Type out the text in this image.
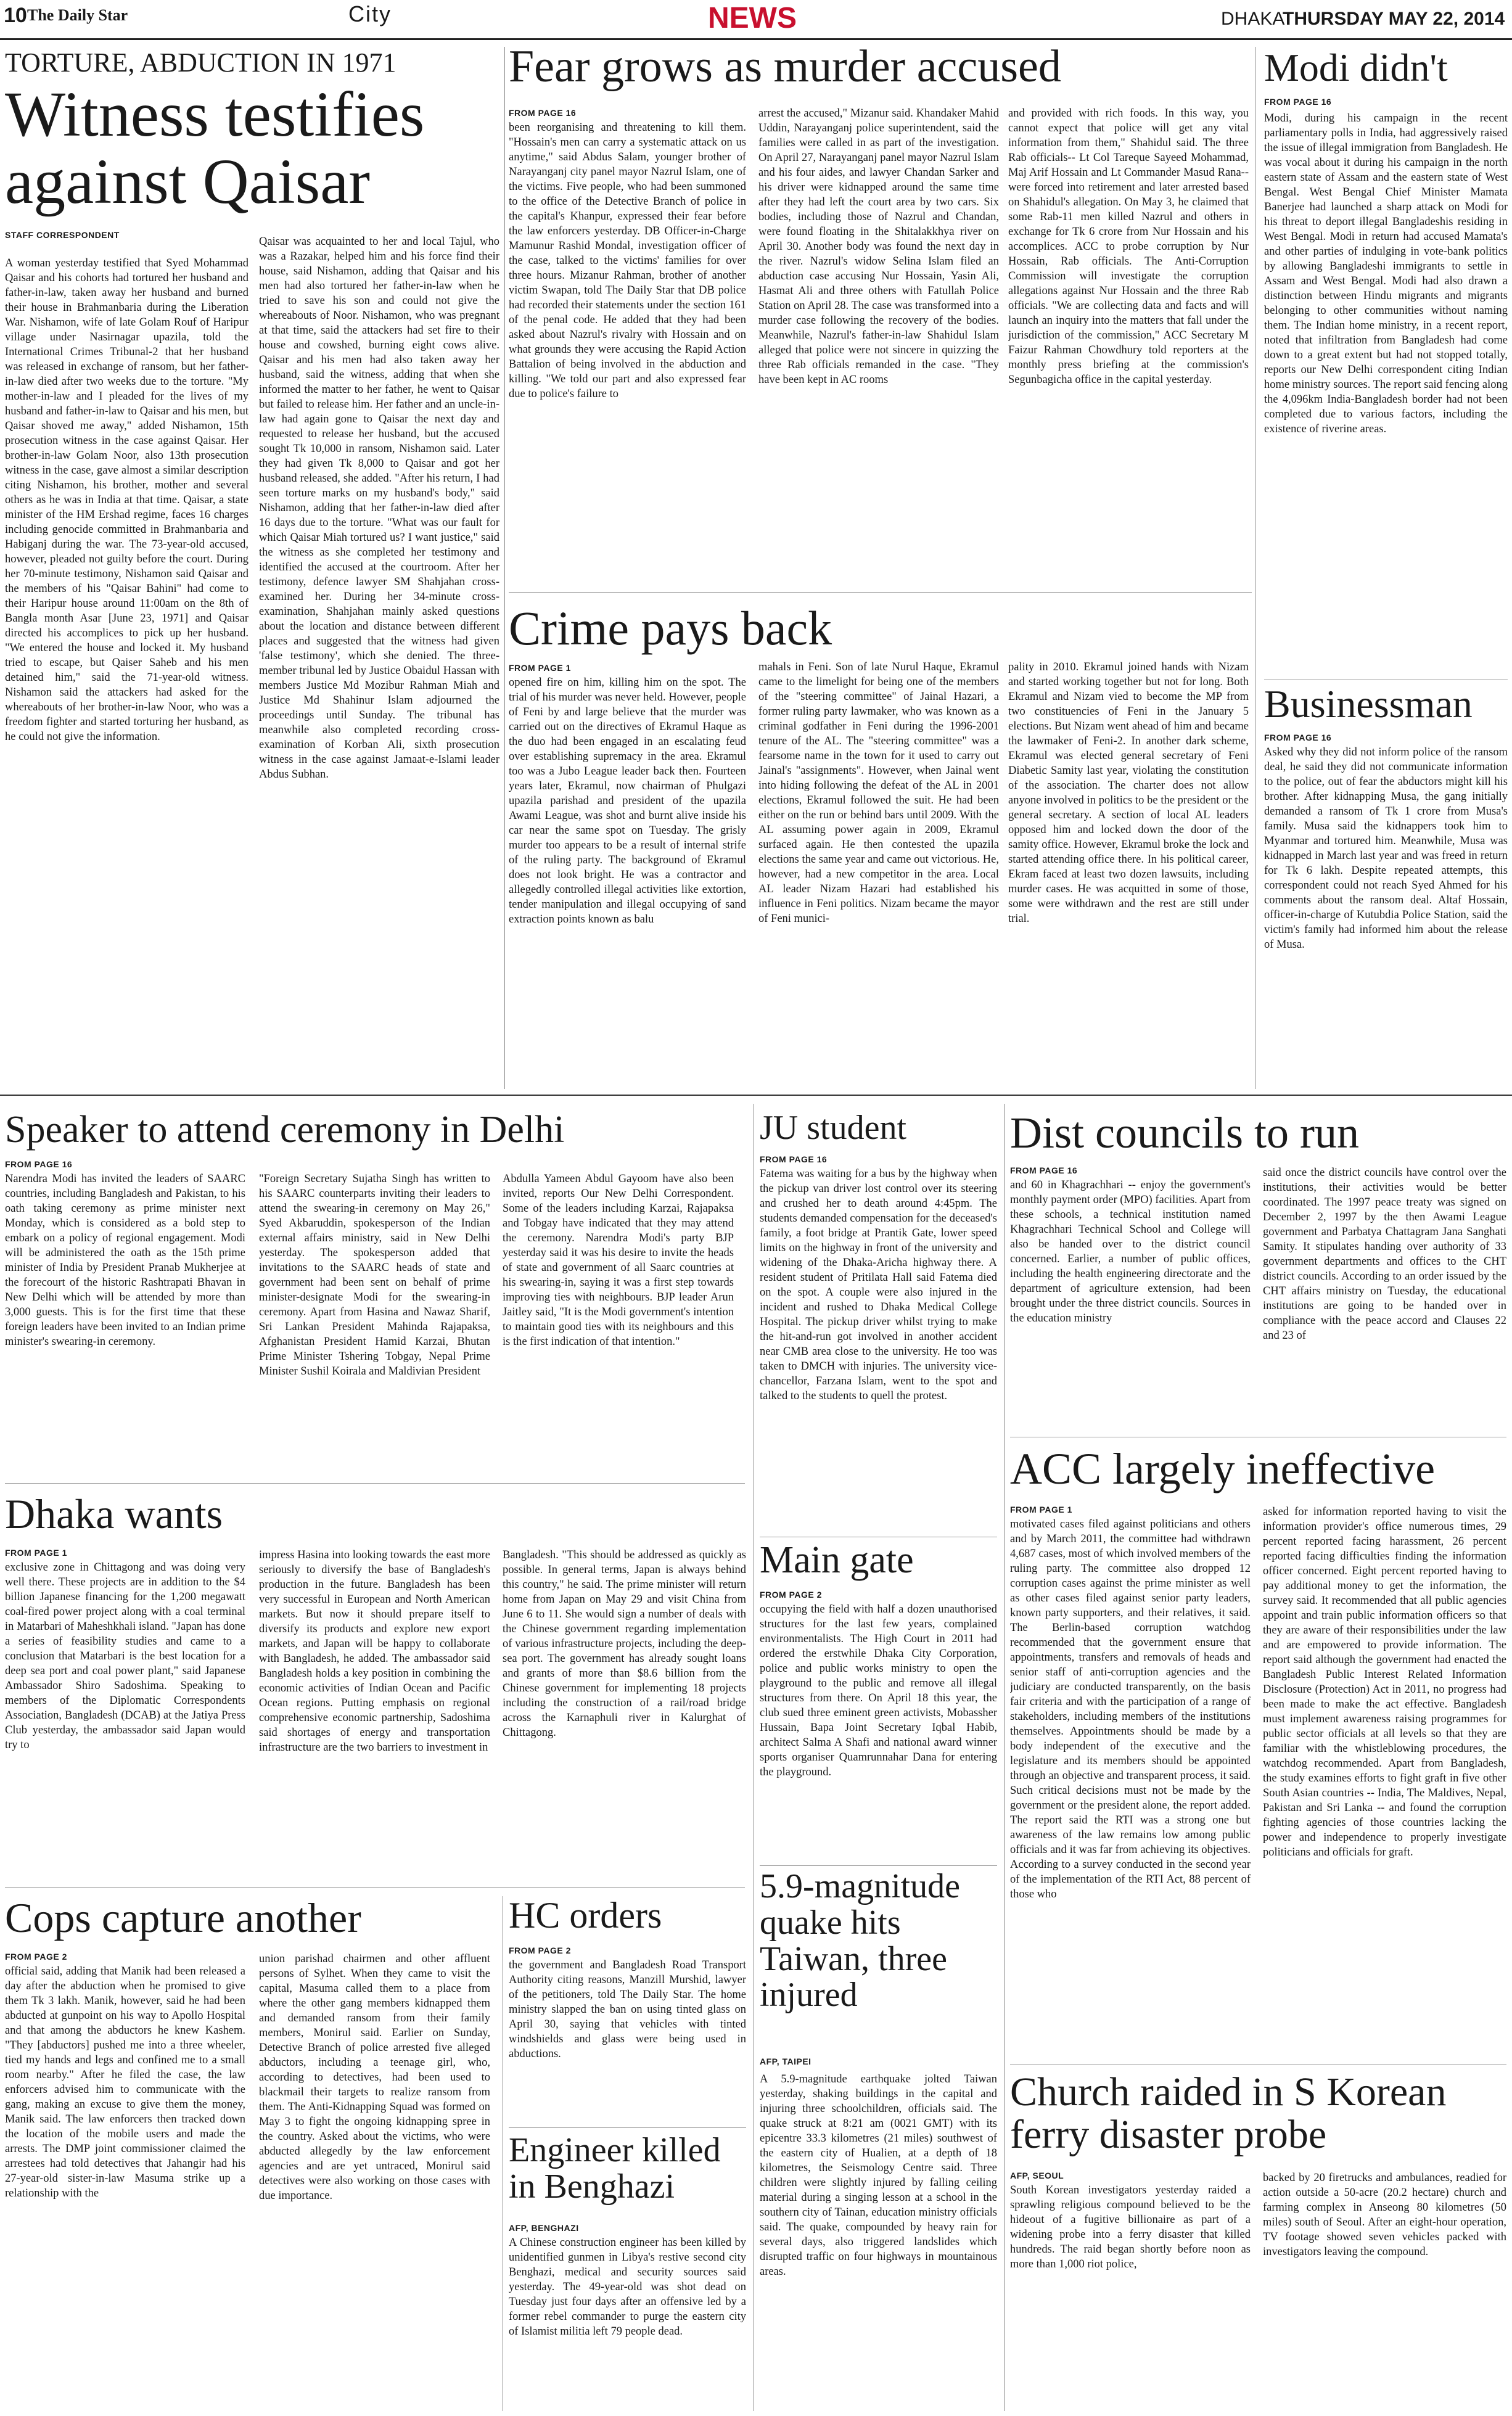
10 The Daily Star	City	NEWS	DHAKA
THURSDAY MAY 22, 2014
TORTURE, ABDUCTION IN 1971
Witness testifies against Qaisar
STAFF CORRESPONDENT
A woman yesterday testified that Syed Mohammad Qaisar and his cohorts had tortured her husband and father-in-law, taken away her husband and burned their house in Brahmanbaria during the Liberation War. Nishamon, wife of late Golam Rouf of Haripur village under Nasirnagar upazila, told the International Crimes Tribunal-2 that her husband was released in exchange of ransom, but her father-in-law died after two weeks due to the torture. "My mother-in-law and I pleaded for the lives of my husband and father-in-law to Qaisar and his men, but Qaisar shoved me away," added Nishamon, 15th prosecution witness in the case against Qaisar. Her brother-in-law Golam Noor, also 13th prosecution witness in the case, gave almost a similar description citing Nishamon, his brother, mother and several others as he was in India at that time. Qaisar, a state minister of the HM Ershad regime, faces 16 charges including genocide committed in Brahmanbaria and Habiganj during the war. The 73-year-old accused, however, pleaded not guilty before the court. During her 70-minute testimony, Nishamon said Qaisar and the members of his "Qaisar Bahini" had come to their Haripur house around 11:00am on the 8th of Bangla month Asar [June 23, 1971] and Qaisar directed his accomplices to pick up her husband. "We entered the house and locked it. My husband tried to escape, but Qaiser Saheb and his men detained him," said the 71-year-old witness. Nishamon said the attackers had asked for the whereabouts of her brother-in-law Noor, who was a freedom fighter and started torturing her husband, as he could not give the information.
Qaisar was acquainted to her and local Tajul, who was a Razakar, helped him and his force find their house, said Nishamon, adding that Qaisar and his men had also tortured her father-in-law when he tried to save his son and could not give the whereabouts of Noor. Nishamon, who was pregnant at that time, said the attackers had set fire to their house and cowshed, burning eight cows alive. Qaisar and his men had also taken away her husband, said the witness, adding that when she informed the matter to her father, he went to Qaisar but failed to release him. Her father and an uncle-in-law had again gone to Qaisar the next day and requested to release her husband, but the accused sought Tk 10,000 in ransom, Nishamon said. Later they had given Tk 8,000 to Qaisar and got her husband released, she added. "After his return, I had seen torture marks on my husband's body," said Nishamon, adding that her father-in-law died after 16 days due to the torture. "What was our fault for which Qaisar Miah tortured us? I want justice," said the witness as she completed her testimony and identified the accused at the courtroom. After her testimony, defence lawyer SM Shahjahan cross-examined her. During her 34-minute cross-examination, Shahjahan mainly asked questions about the location and distance between different places and suggested that the witness had given 'false testimony', which she denied. The three-member tribunal led by Justice Obaidul Hassan with members Justice Md Mozibur Rahman Miah and Justice Md Shahinur Islam adjourned the proceedings until Sunday. The tribunal has meanwhile also completed recording cross-examination of Korban Ali, sixth prosecution witness in the case against Jamaat-e-Islami leader Abdus Subhan.
Fear grows as murder accused
FROM PAGE 16
been reorganising and threatening to kill them. "Hossain's men can carry a systematic attack on us anytime," said Abdus Salam, younger brother of Narayanganj city panel mayor Nazrul Islam, one of the victims. Five people, who had been summoned to the office of the Detective Branch of police in the capital's Khanpur, expressed their fear before the law enforcers yesterday. DB Officer-in-Charge Mamunur Rashid Mondal, investigation officer of the case, talked to the victims' families for over three hours. Mizanur Rahman, brother of another victim Swapan, told The Daily Star that DB police had recorded their statements under the section 161 of the penal code. He added that they had been asked about Nazrul's rivalry with Hossain and on what grounds they were accusing the Rapid Action Battalion of being involved in the abduction and killing. "We told our part and also expressed fear due to police's failure to
arrest the accused," Mizanur said. Khandaker Mahid Uddin, Narayanganj police superintendent, said the families were called in as part of the investigation. On April 27, Narayanganj panel mayor Nazrul Islam and his four aides, and lawyer Chandan Sarker and his driver were kidnapped around the same time after they had left the court area by two cars. Six bodies, including those of Nazrul and Chandan, were found floating in the Shitalakkhya river on April 30. Another body was found the next day in the river. Nazrul's widow Selina Islam filed an abduction case accusing Nur Hossain, Yasin Ali, Hasmat Ali and three others with Fatullah Police Station on April 28. The case was transformed into a murder case following the recovery of the bodies. Meanwhile, Nazrul's father-in-law Shahidul Islam alleged that police were not sincere in quizzing the three Rab officials remanded in the case. "They have been kept in AC rooms
and provided with rich foods. In this way, you cannot expect that police will get any vital information from them," Shahidul said. The three Rab officials-- Lt Col Tareque Sayeed Mohammad, Maj Arif Hossain and Lt Commander Masud Rana-- were forced into retirement and later arrested based on Shahidul's allegation. On May 3, he claimed that some Rab-11 men killed Nazrul and others in exchange for Tk 6 crore from Nur Hossain and his accomplices. ACC to probe corruption by Nur Hossain, Rab officials. The Anti-Corruption Commission will investigate the corruption allegations against Nur Hossain and the three Rab officials. "We are collecting data and facts and will launch an inquiry into the matters that fall under the jurisdiction of the commission," ACC Secretary M Faizur Rahman Chowdhury told reporters at the monthly press briefing at the commission's Segunbagicha office in the capital yesterday.
Modi didn't
FROM PAGE 16
Modi, during his campaign in the recent parliamentary polls in India, had aggressively raised the issue of illegal immigration from Bangladesh. He was vocal about it during his campaign in the north eastern state of Assam and the eastern state of West Bengal. West Bengal Chief Minister Mamata Banerjee had launched a sharp attack on Modi for his threat to deport illegal Bangladeshis residing in West Bengal. Modi in return had accused Mamata's and other parties of indulging in vote-bank politics by allowing Bangladeshi immigrants to settle in Assam and West Bengal. Modi had also drawn a distinction between Hindu migrants and migrants belonging to other communities without naming them. The Indian home ministry, in a recent report, noted that infiltration from Bangladesh had come down to a great extent but had not stopped totally, reports our New Delhi correspondent citing Indian home ministry sources. The report said fencing along the 4,096km India-Bangladesh border had not been completed due to various factors, including the existence of riverine areas.
Crime pays back
FROM PAGE 1
opened fire on him, killing him on the spot. The trial of his murder was never held. However, people of Feni by and large believe that the murder was carried out on the directives of Ekramul Haque as the duo had been engaged in an escalating feud over establishing supremacy in the area. Ekramul too was a Jubo League leader back then. Fourteen years later, Ekramul, now chairman of Phulgazi upazila parishad and president of the upazila Awami League, was shot and burnt alive inside his car near the same spot on Tuesday. The grisly murder too appears to be a result of internal strife of the ruling party. The background of Ekramul does not look bright. He was a contractor and allegedly controlled illegal activities like extortion, tender manipulation and illegal occupying of sand extraction points known as balu
mahals in Feni. Son of late Nurul Haque, Ekramul came to the limelight for being one of the members of the "steering committee" of Jainal Hazari, a former ruling party lawmaker, who was known as a criminal godfather in Feni during the 1996-2001 tenure of the AL. The "steering committee" was a fearsome name in the town for it used to carry out Jainal's "assignments". However, when Jainal went into hiding following the defeat of the AL in 2001 elections, Ekramul followed the suit. He had been either on the run or behind bars until 2009. With the AL assuming power again in 2009, Ekramul surfaced again. He then contested the upazila elections the same year and came out victorious. He, however, had a new competitor in the area. Local AL leader Nizam Hazari had established his influence in Feni politics. Nizam became the mayor of Feni munici-
pality in 2010. Ekramul joined hands with Nizam and started working together but not for long. Both Ekramul and Nizam vied to become the MP from two constituencies of Feni in the January 5 elections. But Nizam went ahead of him and became the lawmaker of Feni-2. In another dark scheme, Ekramul was elected general secretary of Feni Diabetic Samity last year, violating the constitution of the association. The charter does not allow anyone involved in politics to be the president or the general secretary. A section of local AL leaders opposed him and locked down the door of the samity office. However, Ekramul broke the lock and started attending office there. In his political career, Ekram faced at least two dozen lawsuits, including murder cases. He was acquitted in some of those, some were withdrawn and the rest are still under trial.
Businessman
FROM PAGE 16
Asked why they did not inform police of the ransom deal, he said they did not communicate information to the police, out of fear the abductors might kill his brother. After kidnapping Musa, the gang initially demanded a ransom of Tk 1 crore from Musa's family. Musa said the kidnappers took him to Myanmar and tortured him. Meanwhile, Musa was kidnapped in March last year and was freed in return for Tk 6 lakh. Despite repeated attempts, this correspondent could not reach Syed Ahmed for his comments about the ransom deal. Altaf Hossain, officer-in-charge of Kutubdia Police Station, said the victim's family had informed him about the release of Musa.
Speaker to attend ceremony in Delhi
FROM PAGE 16
Narendra Modi has invited the leaders of SAARC countries, including Bangladesh and Pakistan, to his oath taking ceremony as prime minister next Monday, which is considered as a bold step to embark on a policy of regional engagement. Modi will be administered the oath as the 15th prime minister of India by President Pranab Mukherjee at the forecourt of the historic Rashtrapati Bhavan in New Delhi which will be attended by more than 3,000 guests. This is for the first time that these foreign leaders have been invited to an Indian prime minister's swearing-in ceremony.
"Foreign Secretary Sujatha Singh has written to his SAARC counterparts inviting their leaders to attend the swearing-in ceremony on May 26," Syed Akbaruddin, spokesperson of the Indian external affairs ministry, said in New Delhi yesterday. The spokesperson added that invitations to the SAARC heads of state and government had been sent on behalf of prime minister-designate Modi for the swearing-in ceremony. Apart from Hasina and Nawaz Sharif, Sri Lankan President Mahinda Rajapaksa, Afghanistan President Hamid Karzai, Bhutan Prime Minister Tshering Tobgay, Nepal Prime Minister Sushil Koirala and Maldivian President
Abdulla Yameen Abdul Gayoom have also been invited, reports Our New Delhi Correspondent. Some of the leaders including Karzai, Rajapaksa and Tobgay have indicated that they may attend the ceremony. Narendra Modi's party BJP yesterday said it was his desire to invite the heads of state and government of all Saarc countries at his swearing-in, saying it was a first step towards improving ties with neighbours. BJP leader Arun Jaitley said, "It is the Modi government's intention to maintain good ties with its neighbours and this is the first indication of that intention."
JU student
FROM PAGE 16
Fatema was waiting for a bus by the highway when the pickup van driver lost control over its steering and crushed her to death around 4:45pm. The students demanded compensation for the deceased's family, a foot bridge at Prantik Gate, lower speed limits on the highway in front of the university and widening of the Dhaka-Aricha highway there. A resident student of Pritilata Hall said Fatema died on the spot. A couple were also injured in the incident and rushed to Dhaka Medical College Hospital. The pickup driver whilst trying to make the hit-and-run got involved in another accident near CMB area close to the university. He too was taken to DMCH with injuries. The university vice-chancellor, Farzana Islam, went to the spot and talked to the students to quell the protest.
Dist councils to run
FROM PAGE 16
and 60 in Khagrachhari -- enjoy the government's monthly payment order (MPO) facilities. Apart from these schools, a technical institution named Khagrachhari Technical School and College will also be handed over to the district council concerned. Earlier, a number of public offices, including the health engineering directorate and the department of agriculture extension, had been brought under the three district councils. Sources in the education ministry
said once the district councils have control over the institutions, their activities would be better coordinated. The 1997 peace treaty was signed on December 2, 1997 by the then Awami League government and Parbatya Chattagram Jana Sanghati Samity. It stipulates handing over authority of 33 government departments and offices to the CHT district councils. According to an order issued by the CHT affairs ministry on Tuesday, the educational institutions are going to be handed over in compliance with the peace accord and Clauses 22 and 23 of
Dhaka wants
FROM PAGE 1
exclusive zone in Chittagong and was doing very well there. These projects are in addition to the $4 billion Japanese financing for the 1,200 megawatt coal-fired power project along with a coal terminal in Matarbari of Maheshkhali island. "Japan has done a series of feasibility studies and came to a conclusion that Matarbari is the best location for a deep sea port and coal power plant," said Japanese Ambassador Shiro Sadoshima. Speaking to members of the Diplomatic Correspondents Association, Bangladesh (DCAB) at the Jatiya Press Club yesterday, the ambassador said Japan would try to
impress Hasina into looking towards the east more seriously to diversify the base of Bangladesh's production in the future. Bangladesh has been very successful in European and North American markets. But now it should prepare itself to diversify its products and explore new export markets, and Japan will be happy to collaborate with Bangladesh, he added. The ambassador said Bangladesh holds a key position in combining the economic activities of Indian Ocean and Pacific Ocean regions. Putting emphasis on regional comprehensive economic partnership, Sadoshima said shortages of energy and transportation infrastructure are the two barriers to investment in
Bangladesh. "This should be addressed as quickly as possible. In general terms, Japan is always behind this country," he said. The prime minister will return home from Japan on May 29 and visit China from June 6 to 11. She would sign a number of deals with the Chinese government regarding implementation of various infrastructure projects, including the deep-sea port. The government has already sought loans and grants of more than $8.6 billion from the Chinese government for implementing 18 projects including the construction of a rail/road bridge across the Karnaphuli river in Kalurghat of Chittagong.
Main gate
FROM PAGE 2
occupying the field with half a dozen unauthorised structures for the last few years, complained environmentalists. The High Court in 2011 had ordered the erstwhile Dhaka City Corporation, police and public works ministry to open the playground to the public and remove all illegal structures from there. On April 18 this year, the club sued three eminent green activists, Mobassher Hussain, Bapa Joint Secretary Iqbal Habib, architect Salma A Shafi and national award winner sports organiser Quamrunnahar Dana for entering the playground.
ACC largely ineffective
FROM PAGE 1
motivated cases filed against politicians and others and by March 2011, the committee had withdrawn 4,687 cases, most of which involved members of the ruling party. The committee also dropped 12 corruption cases against the prime minister as well as other cases filed against senior party leaders, known party supporters, and their relatives, it said. The Berlin-based corruption watchdog recommended that the government ensure that appointments, transfers and removals of heads and senior staff of anti-corruption agencies and the judiciary are conducted transparently, on the basis fair criteria and with the participation of a range of stakeholders, including members of the institutions themselves. Appointments should be made by a body independent of the executive and the legislature and its members should be appointed through an objective and transparent process, it said. Such critical decisions must not be made by the government or the president alone, the report added. The report said the RTI was a strong one but awareness of the law remains low among public officials and it was far from achieving its objectives. According to a survey conducted in the second year of the implementation of the RTI Act, 88 percent of those who
asked for information reported having to visit the information provider's office numerous times, 29 percent reported facing harassment, 26 percent reported facing difficulties finding the information officer concerned. Eight percent reported having to pay additional money to get the information, the survey said. It recommended that all public agencies appoint and train public information officers so that they are aware of their responsibilities under the law and are empowered to provide information. The report said although the government had enacted the Bangladesh Public Interest Related Information Disclosure (Protection) Act in 2011, no progress had been made to make the act effective. Bangladesh must implement awareness raising programmes for public sector officials at all levels so that they are familiar with the whistleblowing procedures, the watchdog recommended. Apart from Bangladesh, the study examines efforts to fight graft in five other South Asian countries -- India, The Maldives, Nepal, Pakistan and Sri Lanka -- and found the corruption fighting agencies of those countries lacking the power and independence to properly investigate politicians and officials for graft.
Cops capture another
FROM PAGE 2
official said, adding that Manik had been released a day after the abduction when he promised to give them Tk 3 lakh. Manik, however, said he had been abducted at gunpoint on his way to Apollo Hospital and that among the abductors he knew Kashem. "They [abductors] pushed me into a three wheeler, tied my hands and legs and confined me to a small room nearby." After he filed the case, the law enforcers advised him to communicate with the gang, making an excuse to give them the money, Manik said. The law enforcers then tracked down the location of the mobile users and made the arrests. The DMP joint commissioner claimed the arrestees had told detectives that Jahangir had his 27-year-old sister-in-law Masuma strike up a relationship with the
union parishad chairmen and other affluent persons of Sylhet. When they came to visit the capital, Masuma called them to a place from where the other gang members kidnapped them and demanded ransom from their family members, Monirul said. Earlier on Sunday, Detective Branch of police arrested five alleged abductors, including a teenage girl, who, according to detectives, had been used to blackmail their targets to realize ransom from them. The Anti-Kidnapping Squad was formed on May 3 to fight the ongoing kidnapping spree in the country. Asked about the victims, who were abducted allegedly by the law enforcement agencies and are yet untraced, Monirul said detectives were also working on those cases with due importance.
HC orders
FROM PAGE 2
the government and Bangladesh Road Transport Authority citing reasons, Manzill Murshid, lawyer of the petitioners, told The Daily Star. The home ministry slapped the ban on using tinted glass on April 30, saying that vehicles with tinted windshields and glass were being used in abductions.
Engineer killed in Benghazi
AFP, BENGHAZI
A Chinese construction engineer has been killed by unidentified gunmen in Libya's restive second city Benghazi, medical and security sources said yesterday. The 49-year-old was shot dead on Tuesday just four days after an offensive led by a former rebel commander to purge the eastern city of Islamist militia left 79 people dead.
5.9-magnitude quake hits Taiwan, three injured
AFP, TAIPEI
A 5.9-magnitude earthquake jolted Taiwan yesterday, shaking buildings in the capital and injuring three schoolchildren, officials said. The quake struck at 8:21 am (0021 GMT) with its epicentre 33.3 kilometres (21 miles) southwest of the eastern city of Hualien, at a depth of 18 kilometres, the Seismology Centre said. Three children were slightly injured by falling ceiling material during a singing lesson at a school in the southern city of Tainan, education ministry officials said. The quake, compounded by heavy rain for several days, also triggered landslides which disrupted traffic on four highways in mountainous areas.
Church raided in S Korean ferry disaster probe
AFP, SEOUL
South Korean investigators yesterday raided a sprawling religious compound believed to be the hideout of a fugitive billionaire as part of a widening probe into a ferry disaster that killed hundreds. The raid began shortly before noon as more than 1,000 riot police,
backed by 20 firetrucks and ambulances, readied for action outside a 50-acre (20.2 hectare) church and farming complex in Anseong 80 kilometres (50 miles) south of Seoul. After an eight-hour operation, TV footage showed seven vehicles packed with investigators leaving the compound.
